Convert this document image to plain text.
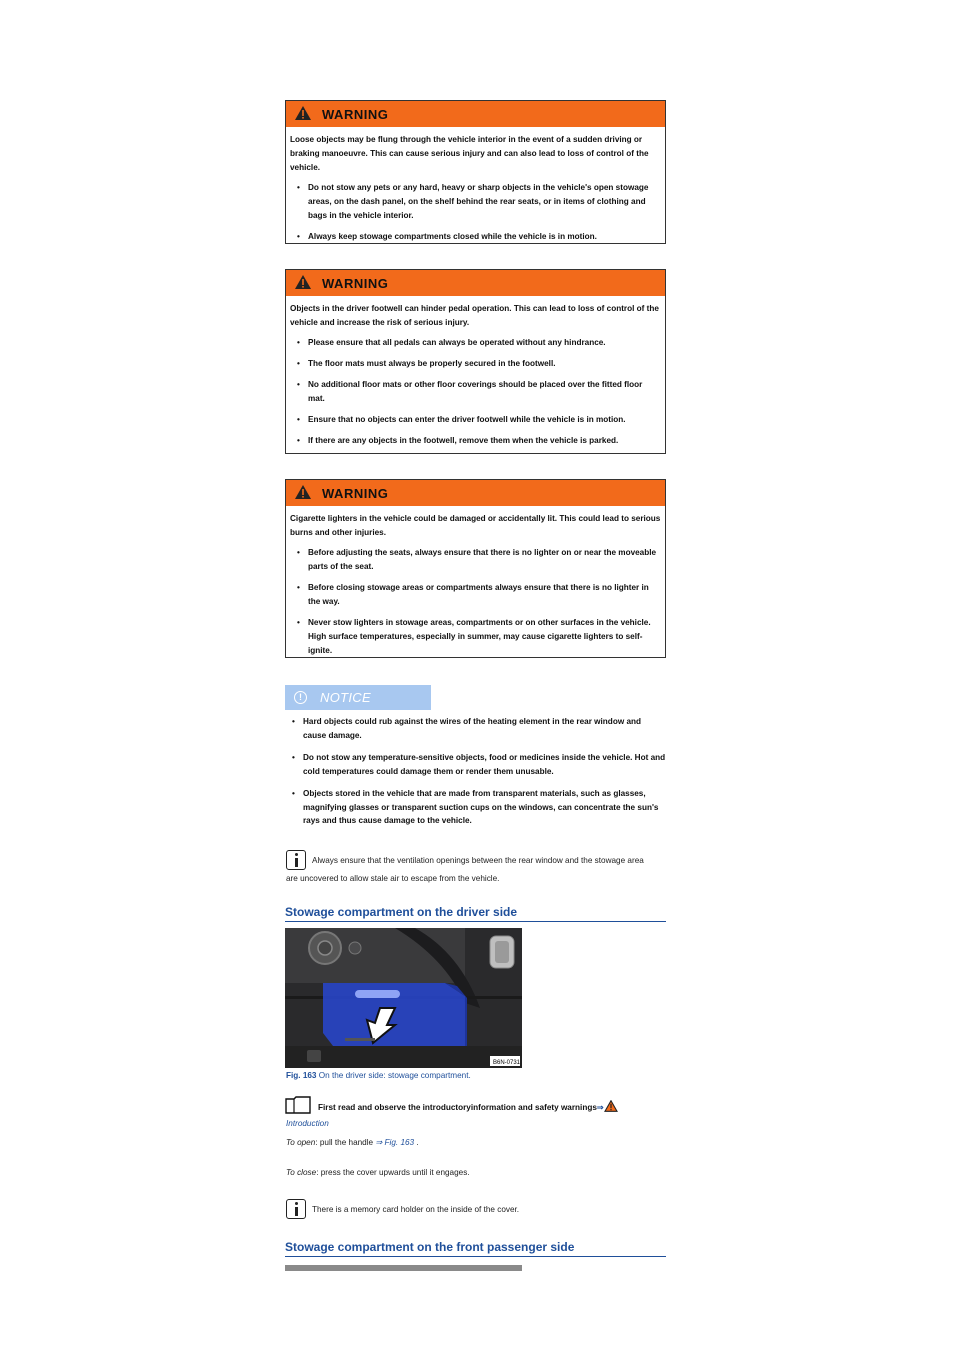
WARNING

Loose objects may be flung through the vehicle interior in the event of a sudden driving or braking manoeuvre. This can cause serious injury and can also lead to loss of control of the vehicle.

• Do not stow any pets or any hard, heavy or sharp objects in the vehicle's open stowage areas, on the dash panel, on the shelf behind the rear seats, or in items of clothing and bags in the vehicle interior.
• Always keep stowage compartments closed while the vehicle is in motion.
WARNING

Objects in the driver footwell can hinder pedal operation. This can lead to loss of control of the vehicle and increase the risk of serious injury.

• Please ensure that all pedals can always be operated without any hindrance.
• The floor mats must always be properly secured in the footwell.
• No additional floor mats or other floor coverings should be placed over the fitted floor mat.
• Ensure that no objects can enter the driver footwell while the vehicle is in motion.
• If there are any objects in the footwell, remove them when the vehicle is parked.
WARNING

Cigarette lighters in the vehicle could be damaged or accidentally lit. This could lead to serious burns and other injuries.

• Before adjusting the seats, always ensure that there is no lighter on or near the moveable parts of the seat.
• Before closing stowage areas or compartments always ensure that there is no lighter in the way.
• Never stow lighters in stowage areas, compartments or on other surfaces in the vehicle. High surface temperatures, especially in summer, may cause cigarette lighters to self-ignite.
!	NOTICE
• Hard objects could rub against the wires of the heating element in the rear window and cause damage.
• Do not stow any temperature-sensitive objects, food or medicines inside the vehicle. Hot and cold temperatures could damage them or render them unusable.
• Objects stored in the vehicle that are made from transparent materials, such as glasses, magnifying glasses or transparent suction cups on the windows, can concentrate the sun's rays and thus cause damage to the vehicle.
Always ensure that the ventilation openings between the rear window and the stowage area
are uncovered to allow stale air to escape from the vehicle.
Stowage compartment on the driver side
B6N-0731
Fig. 163 On the driver side: stowage compartment.
First read and observe the introductoryinformation and safety warnings⇒
Introduction
To open: pull the handle ⇒ Fig. 163 .
To close: press the cover upwards until it engages.
There is a memory card holder on the inside of the cover.
Stowage compartment on the front passenger side
